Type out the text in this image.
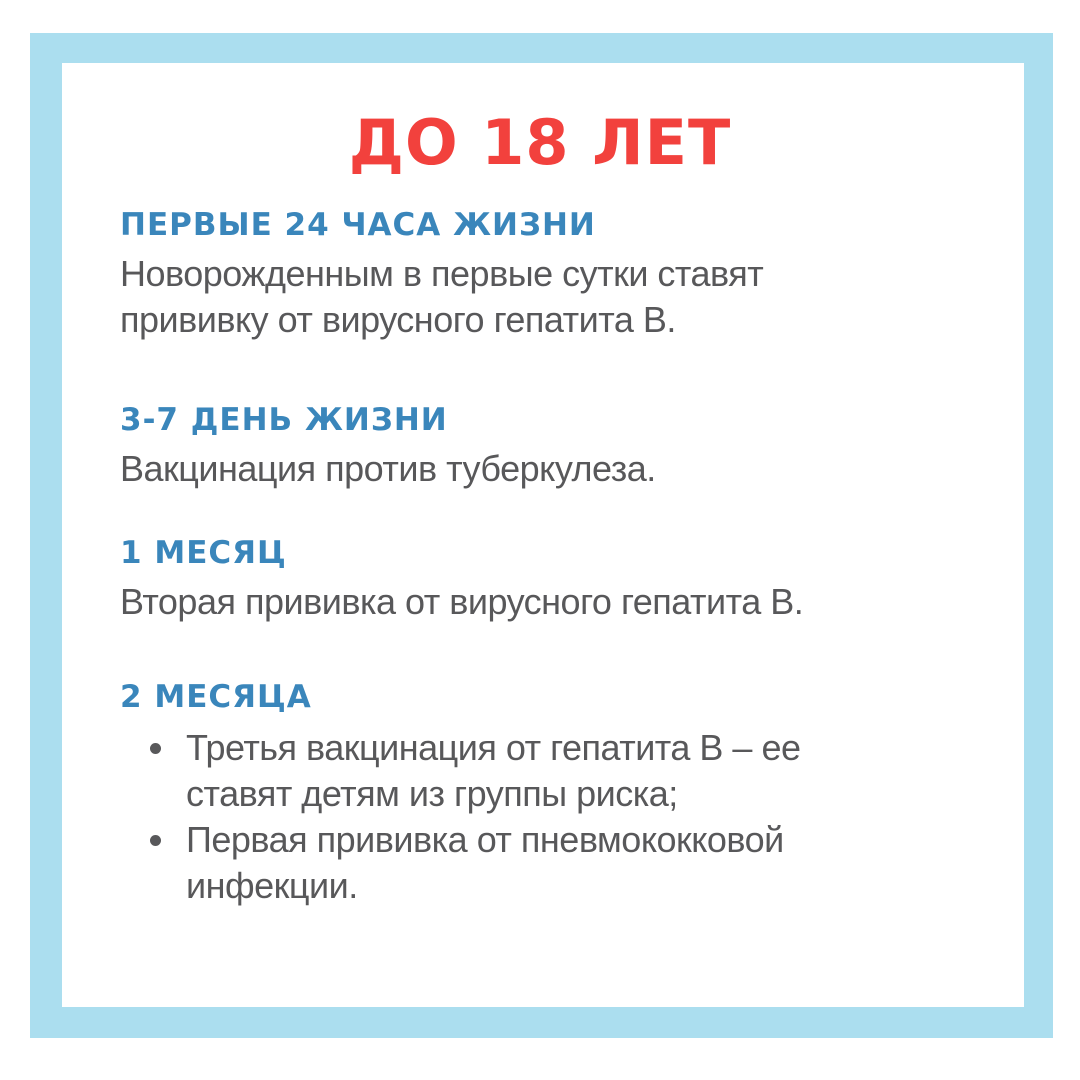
ДО 18 ЛЕТ
ПЕРВЫЕ 24 ЧАСА ЖИЗНИ

Новорожденным в первые сутки ставят прививку от вирусного гепатита В.

3-7 ДЕНЬ ЖИЗНИ

Вакцинация против туберкулеза.

1 МЕСЯЦ

Вторая прививка от вирусного гепатита В.

2 МЕСЯЦА
Третья вакцинация от гепатита В – ее ставят детям из группы риска;
Первая прививка от пневмококковой инфекции.
